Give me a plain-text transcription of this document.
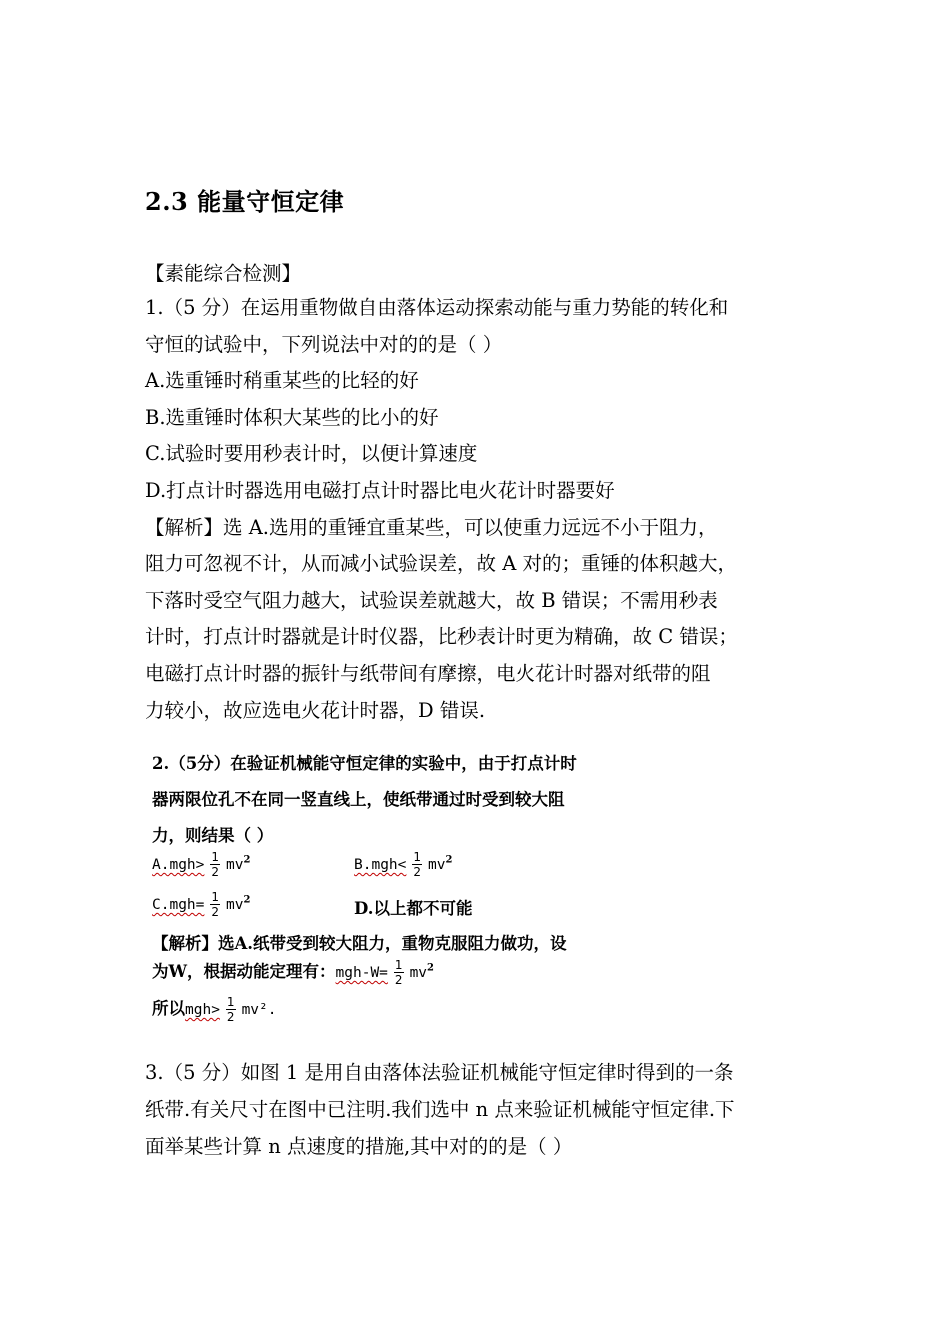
2.3 能量守恒定律
【素能综合检测】

1.（5 分）在运用重物做自由落体运动探索动能与重力势能的转化和

守恒的试验中，下列说法中对的的是（ ）

A.选重锤时稍重某些的比轻的好

B.选重锤时体积大某些的比小的好

C.试验时要用秒表计时，以便计算速度

D.打点计时器选用电磁打点计时器比电火花计时器要好

【解析】选 A.选用的重锤宜重某些，可以使重力远远不小于阻力，

阻力可忽视不计，从而减小试验误差，故 A 对的；重锤的体积越大，

下落时受空气阻力越大，试验误差就越大，故 B 错误；不需用秒表

计时，打点计时器就是计时仪器，比秒表计时更为精确，故 C 错误；

电磁打点计时器的振针与纸带间有摩擦，电火花计时器对纸带的阻

力较小，故应选电火花计时器，D 错误.

2.（5分）在验证机械能守恒定律的实验中，由于打点计时
器两限位孔不在同一竖直线上，使纸带通过时受到较大阻
力，则结果（ ）
$A.mgh> \frac{1}{2} mv^2$	$B.mgh< \frac{1}{2} mv^2$
$C.mgh= \frac{1}{2} mv^2$	D.以上都不可能
【解析】选A.纸带受到较大阻力，重物克服阻力做功，设
为W，根据动能定理有：$mgh-W= \frac{1}{2} mv^2$
所以$mgh> \frac{1}{2} mv^2$.

3.（5 分）如图 1 是用自由落体法验证机械能守恒定律时得到的一条

纸带.有关尺寸在图中已注明.我们选中 n 点来验证机械能守恒定律.下

面举某些计算 n 点速度的措施,其中对的的是（ ）
